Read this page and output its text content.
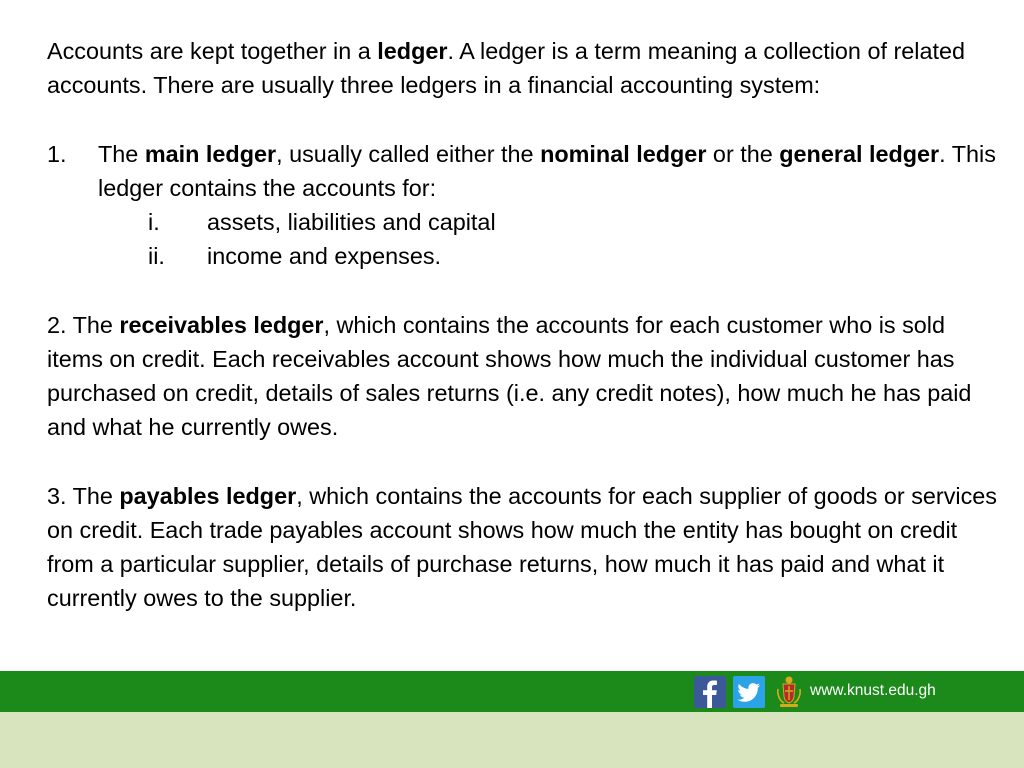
Accounts are kept together in a ledger. A ledger is a term meaning a collection of related accounts. There are usually three ledgers in a financial accounting system:

1. The main ledger, usually called either the nominal ledger or the general ledger. This ledger contains the accounts for:
i. assets, liabilities and capital
ii. income and expenses.

2. The receivables ledger, which contains the accounts for each customer who is sold items on credit. Each receivables account shows how much the individual customer has purchased on credit, details of sales returns (i.e. any credit notes), how much he has paid and what he currently owes.

3. The payables ledger, which contains the accounts for each supplier of goods or services on credit. Each trade payables account shows how much the entity has bought on credit from a particular supplier, details of purchase returns, how much it has paid and what it currently owes to the supplier.

www.knust.edu.gh
